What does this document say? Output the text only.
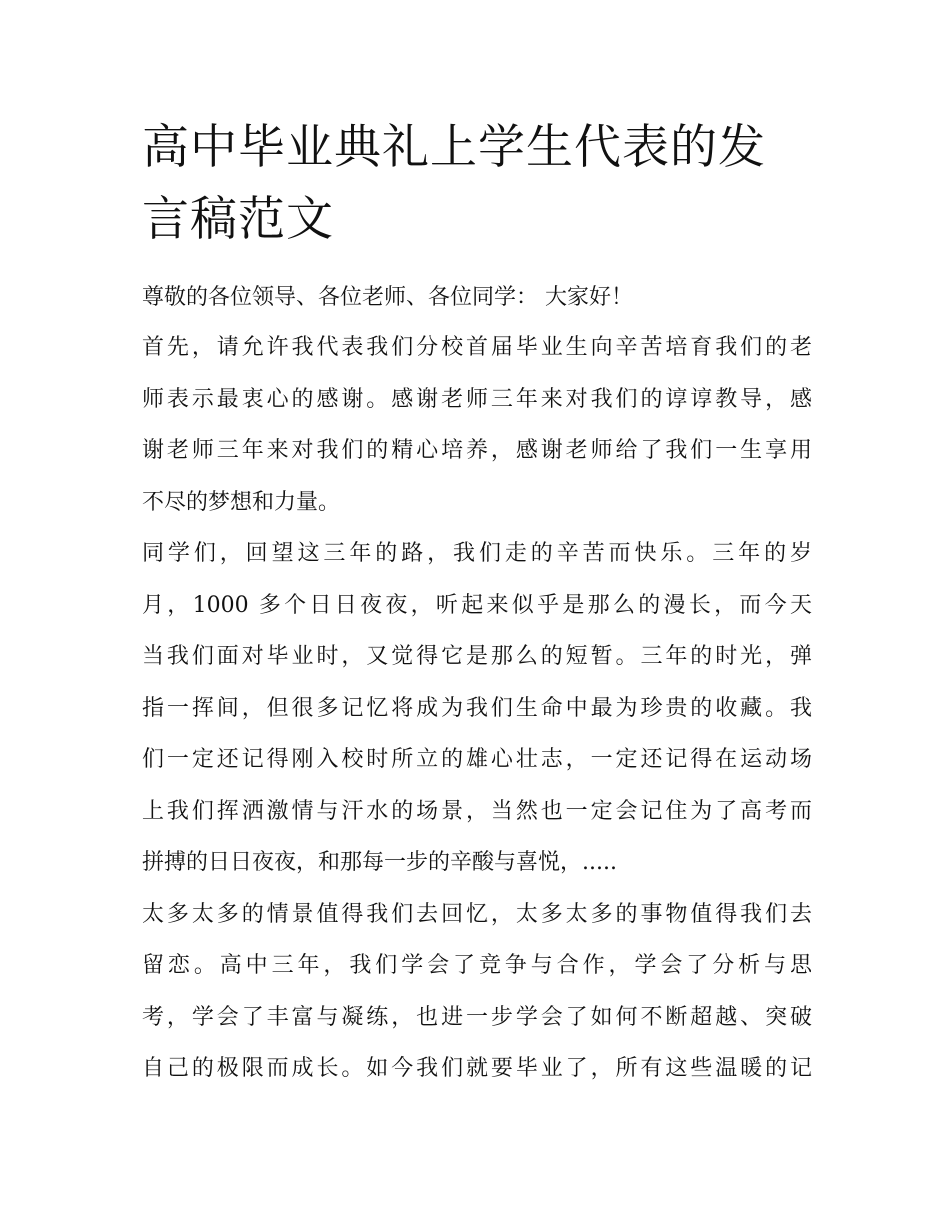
高中毕业典礼上学生代表的发
言稿范文

尊敬的各位领导、各位老师、各位同学： 大家好！

首先，请允许我代表我们分校首届毕业生向辛苦培育我们的老
师表示最衷心的感谢。感谢老师三年来对我们的谆谆教导，感
谢老师三年来对我们的精心培养，感谢老师给了我们一生享用
不尽的梦想和力量。

同学们，回望这三年的路，我们走的辛苦而快乐。三年的岁
月，1000 多个日日夜夜，听起来似乎是那么的漫长，而今天
当我们面对毕业时，又觉得它是那么的短暂。三年的时光，弹
指一挥间，但很多记忆将成为我们生命中最为珍贵的收藏。我
们一定还记得刚入校时所立的雄心壮志，一定还记得在运动场
上我们挥洒激情与汗水的场景，当然也一定会记住为了高考而
拼搏的日日夜夜，和那每一步的辛酸与喜悦，.....

太多太多的情景值得我们去回忆，太多太多的事物值得我们去
留恋。高中三年，我们学会了竞争与合作，学会了分析与思
考，学会了丰富与凝练，也进一步学会了如何不断超越、突破
自己的极限而成长。如今我们就要毕业了，所有这些温暖的记
